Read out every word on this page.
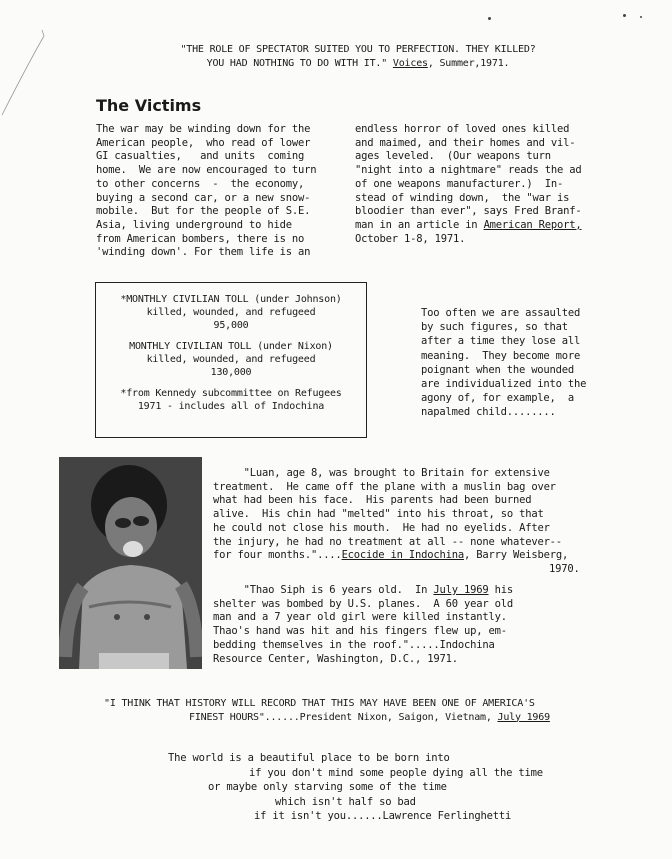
"THE ROLE OF SPECTATOR SUITED YOU TO PERFECTION. THEY KILLED?
YOU HAD NOTHING TO DO WITH IT." Voices, Summer,1971.
The Victims
The war may be winding down for the
American people,  who read of lower
GI casualties,   and units  coming
home.  We are now encouraged to turn
to other concerns  -  the economy,
buying a second car, or a new snow-
mobile.  But for the people of S.E.
Asia, living underground to hide
from American bombers, there is no
'winding down'. For them life is an
endless horror of loved ones killed
and maimed, and their homes and vil-
ages leveled.  (Our weapons turn
"night into a nightmare" reads the ad
of one weapons manufacturer.)  In-
stead of winding down,  the "war is
bloodier than ever", says Fred Branf-
man in an article in American Report,
October 1-8, 1971.
*MONTHLY CIVILIAN TOLL (under Johnson)
killed, wounded, and refugeed
95,000
MONTHLY CIVILIAN TOLL (under Nixon)
killed, wounded, and refugeed
130,000
*from Kennedy subcommittee on Refugees
1971 - includes all of Indochina
Too often we are assaulted
by such figures, so that
after a time they lose all
meaning.  They become more
poignant when the wounded
are individualized into the
agony of, for example,  a
napalmed child........
"Luan, age 8, was brought to Britain for extensive
treatment.  He came off the plane with a muslin bag over
what had been his face.  His parents had been burned
alive.  His chin had "melted" into his throat, so that
he could not close his mouth.  He had no eyelids. After
the injury, he had no treatment at all -- none whatever--
for four months."....Ecocide in Indochina, Barry Weisberg,
1970.
"Thao Siph is 6 years old.  In July 1969 his
shelter was bombed by U.S. planes.  A 60 year old
man and a 7 year old girl were killed instantly.
Thao's hand was hit and his fingers flew up, em-
bedding themselves in the roof.".....Indochina
Resource Center, Washington, D.C., 1971.
"I THINK THAT HISTORY WILL RECORD THAT THIS MAY HAVE BEEN ONE OF AMERICA'S
FINEST HOURS"......President Nixon, Saigon, Vietnam, July 1969
The world is a beautiful place to be born into
if you don't mind some people dying all the time
or maybe only starving some of the time
which isn't half so bad
if it isn't you......Lawrence Ferlinghetti
